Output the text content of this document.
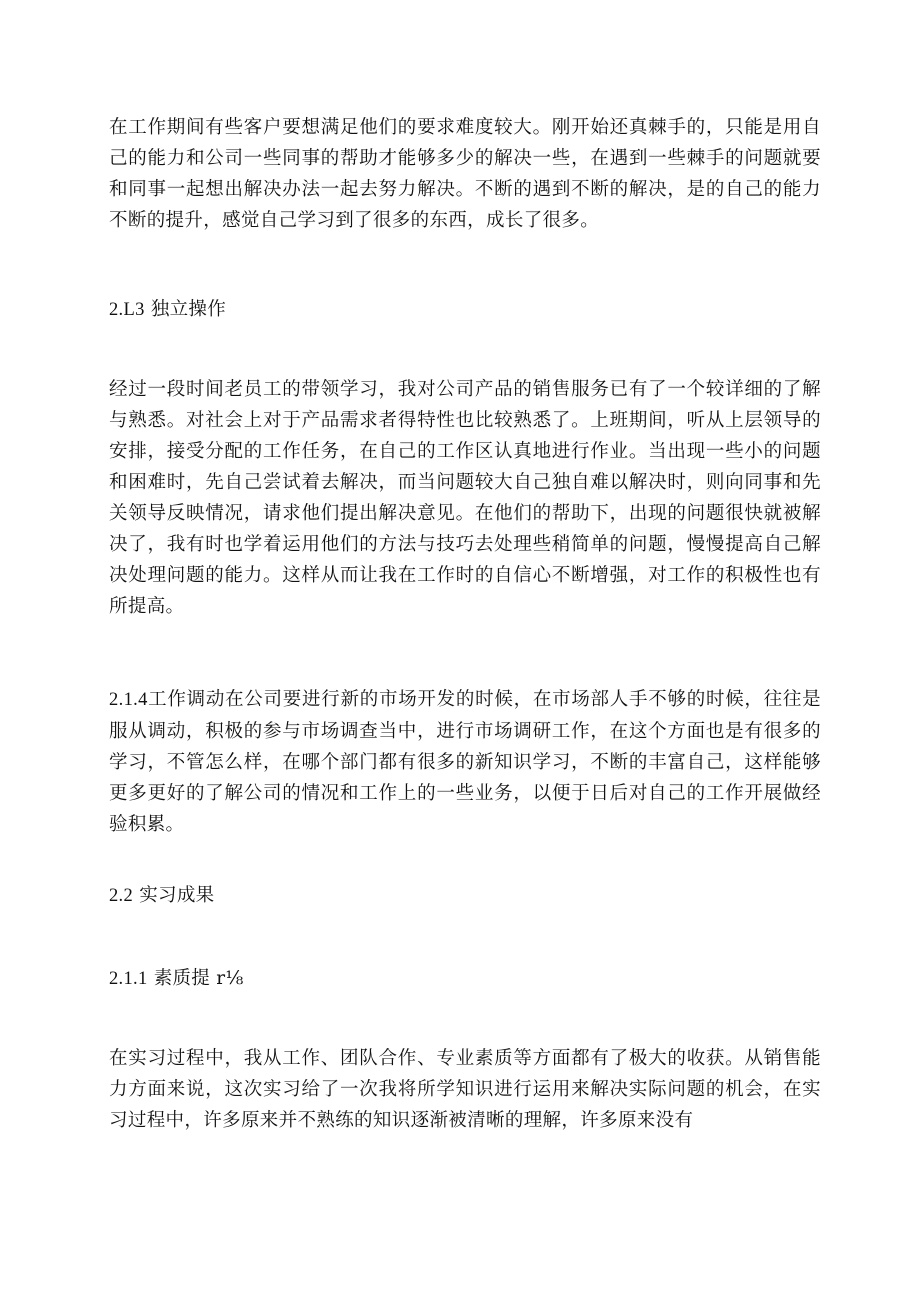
在工作期间有些客户要想满足他们的要求难度较大。刚开始还真棘手的，只能是用自己的能力和公司一些同事的帮助才能够多少的解决一些，在遇到一些棘手的问题就要和同事一起想出解决办法一起去努力解决。不断的遇到不断的解决，是的自己的能力不断的提升，感觉自己学习到了很多的东西，成长了很多。

2.L3 独立操作

经过一段时间老员工的带领学习，我对公司产品的销售服务已有了一个较详细的了解与熟悉。对社会上对于产品需求者得特性也比较熟悉了。上班期间，听从上层领导的安排，接受分配的工作任务，在自己的工作区认真地进行作业。当出现一些小的问题和困难时，先自己尝试着去解决，而当问题较大自己独自难以解决时，则向同事和先关领导反映情况，请求他们提出解决意见。在他们的帮助下，出现的问题很快就被解决了，我有时也学着运用他们的方法与技巧去处理些稍简单的问题，慢慢提高自己解决处理问题的能力。这样从而让我在工作时的自信心不断增强，对工作的积极性也有所提高。

2.1.4工作调动在公司要进行新的市场开发的时候，在市场部人手不够的时候，往往是服从调动，积极的参与市场调查当中，进行市场调研工作，在这个方面也是有很多的学习，不管怎么样，在哪个部门都有很多的新知识学习，不断的丰富自己，这样能够更多更好的了解公司的情况和工作上的一些业务，以便于日后对自己的工作开展做经验积累。

2.2 实习成果
2.1.1 素质提 r⅛

在实习过程中，我从工作、团队合作、专业素质等方面都有了极大的收获。从销售能力方面来说，这次实习给了一次我将所学知识进行运用来解决实际问题的机会，在实习过程中，许多原来并不熟练的知识逐渐被清晰的理解，许多原来没有
